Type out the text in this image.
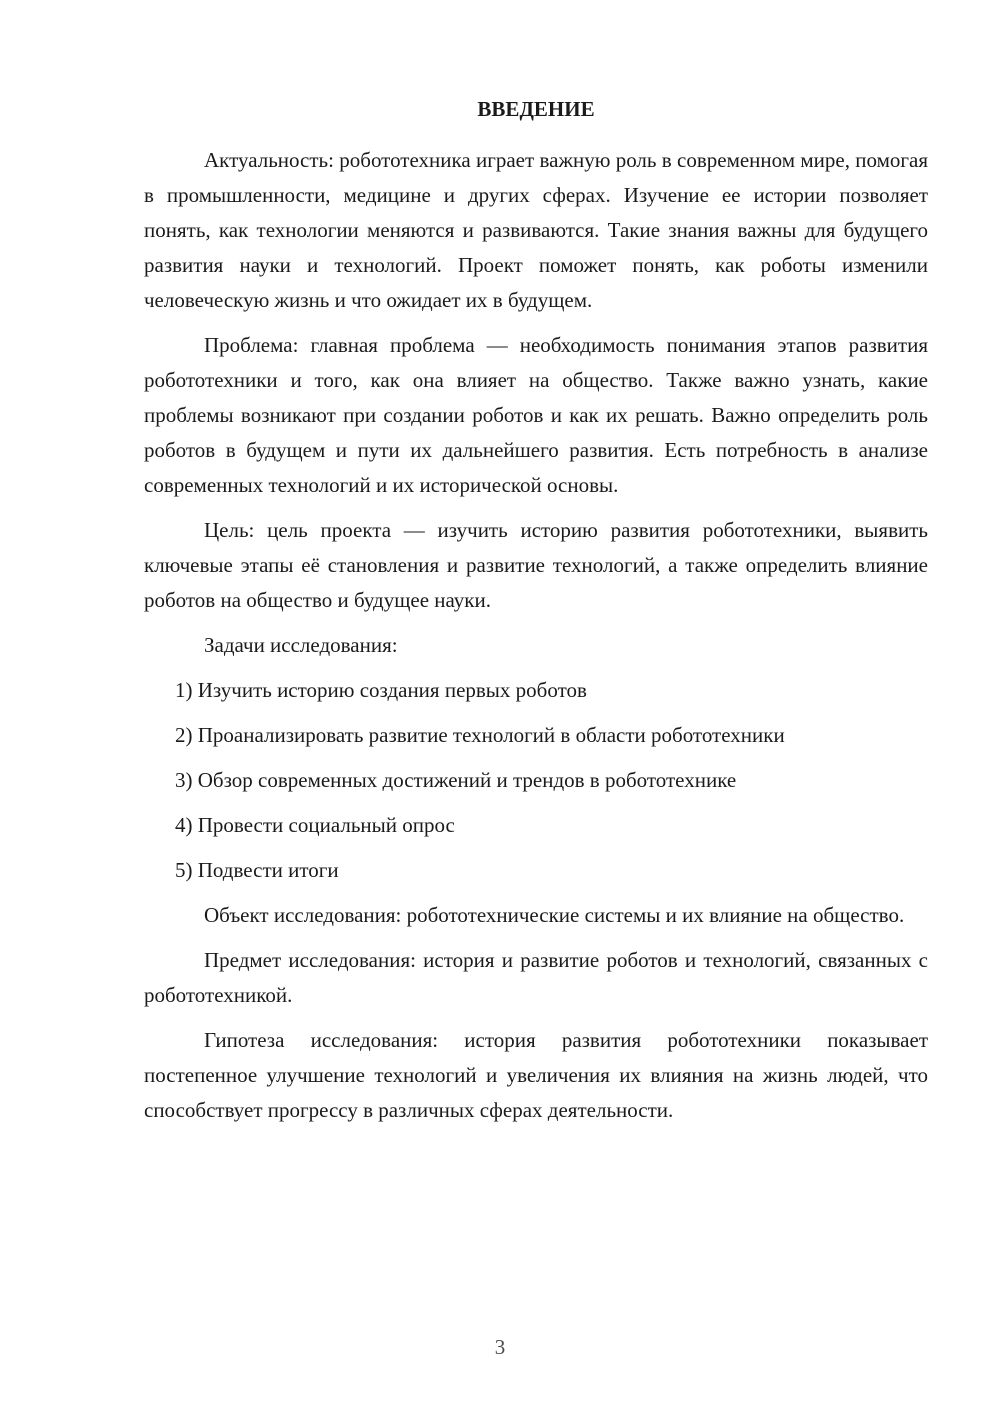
ВВЕДЕНИЕ

Актуальность: робототехника играет важную роль в современном мире, помогая в промышленности, медицине и других сферах. Изучение ее истории позволяет понять, как технологии меняются и развиваются. Такие знания важны для будущего развития науки и технологий. Проект поможет понять, как роботы изменили человеческую жизнь и что ожидает их в будущем.

Проблема: главная проблема — необходимость понимания этапов развития робототехники и того, как она влияет на общество. Также важно узнать, какие проблемы возникают при создании роботов и как их решать. Важно определить роль роботов в будущем и пути их дальнейшего развития. Есть потребность в анализе современных технологий и их исторической основы.

Цель: цель проекта — изучить историю развития робототехники, выявить ключевые этапы её становления и развитие технологий, а также определить влияние роботов на общество и будущее науки.

Задачи исследования:

1) Изучить историю создания первых роботов
2) Проанализировать развитие технологий в области робототехники
3) Обзор современных достижений и трендов в робототехнике
4) Провести социальный опрос
5) Подвести итоги

Объект исследования: робототехнические системы и их влияние на общество.

Предмет исследования: история и развитие роботов и технологий, связанных с робототехникой.

Гипотеза исследования: история развития робототехники показывает постепенное улучшение технологий и увеличения их влияния на жизнь людей, что способствует прогрессу в различных сферах деятельности.

3
